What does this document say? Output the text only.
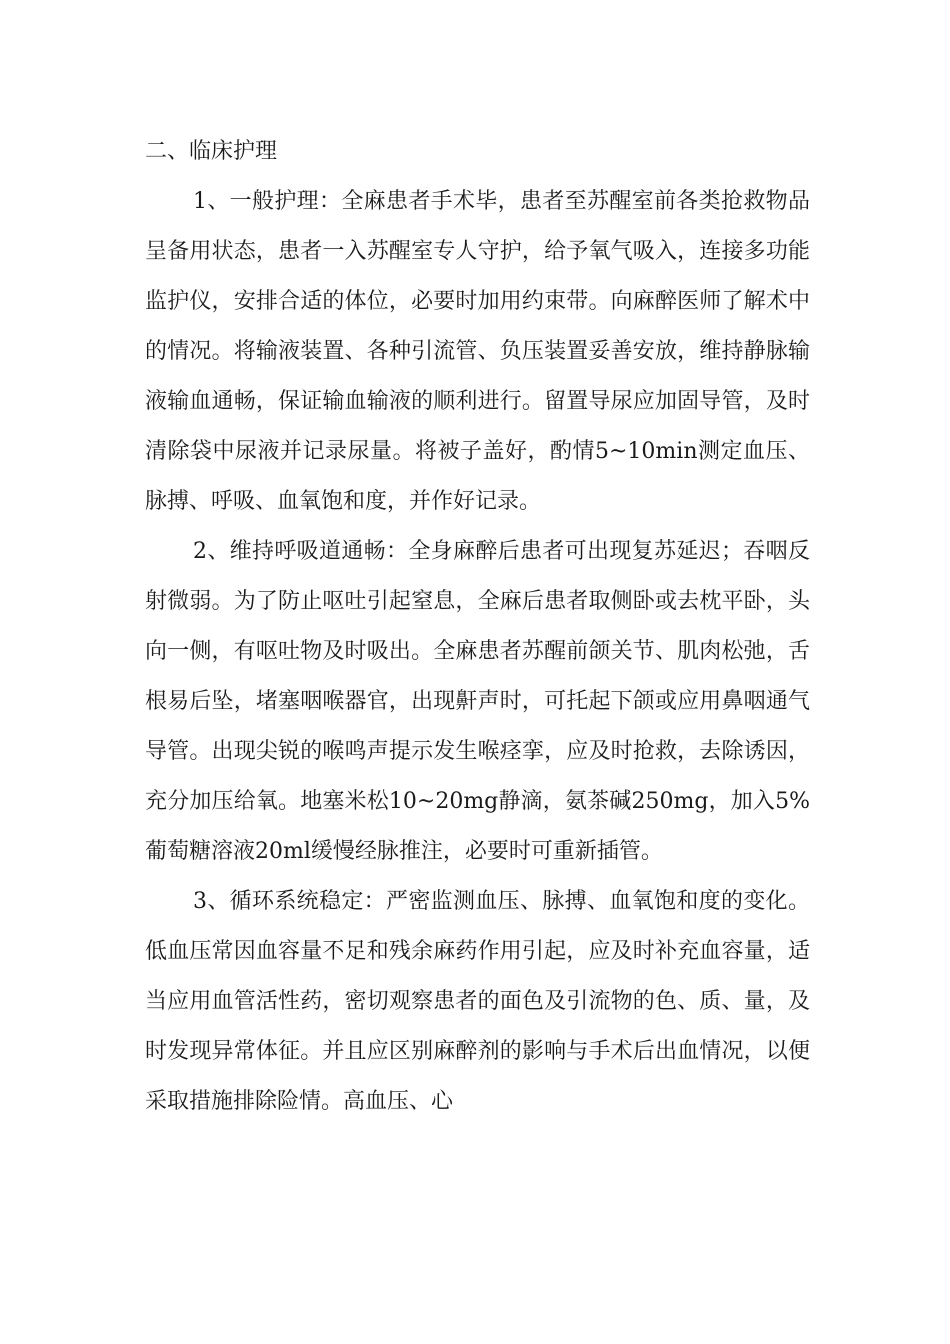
二、临床护理

1、一般护理：全麻患者手术毕，患者至苏醒室前各类抢救物品呈备用状态，患者一入苏醒室专人守护，给予氧气吸入，连接多功能监护仪，安排合适的体位，必要时加用约束带。向麻醉医师了解术中的情况。将输液装置、各种引流管、负压装置妥善安放，维持静脉输液输血通畅，保证输血输液的顺利进行。留置导尿应加固导管，及时清除袋中尿液并记录尿量。将被子盖好，酌情5~10min测定血压、脉搏、呼吸、血氧饱和度，并作好记录。

2、维持呼吸道通畅：全身麻醉后患者可出现复苏延迟；吞咽反射微弱。为了防止呕吐引起窒息，全麻后患者取侧卧或去枕平卧，头向一侧，有呕吐物及时吸出。全麻患者苏醒前颌关节、肌肉松弛，舌根易后坠，堵塞咽喉器官，出现鼾声时，可托起下颌或应用鼻咽通气导管。出现尖锐的喉鸣声提示发生喉痉挛，应及时抢救，去除诱因，充分加压给氧。地塞米松10~20mg静滴，氨茶碱250mg，加入5%葡萄糖溶液20ml缓慢经脉推注，必要时可重新插管。

3、循环系统稳定：严密监测血压、脉搏、血氧饱和度的变化。低血压常因血容量不足和残余麻药作用引起，应及时补充血容量，适当应用血管活性药，密切观察患者的面色及引流物的色、质、量，及时发现异常体征。并且应区别麻醉剂的影响与手术后出血情况，以便采取措施排除险情。高血压、心
